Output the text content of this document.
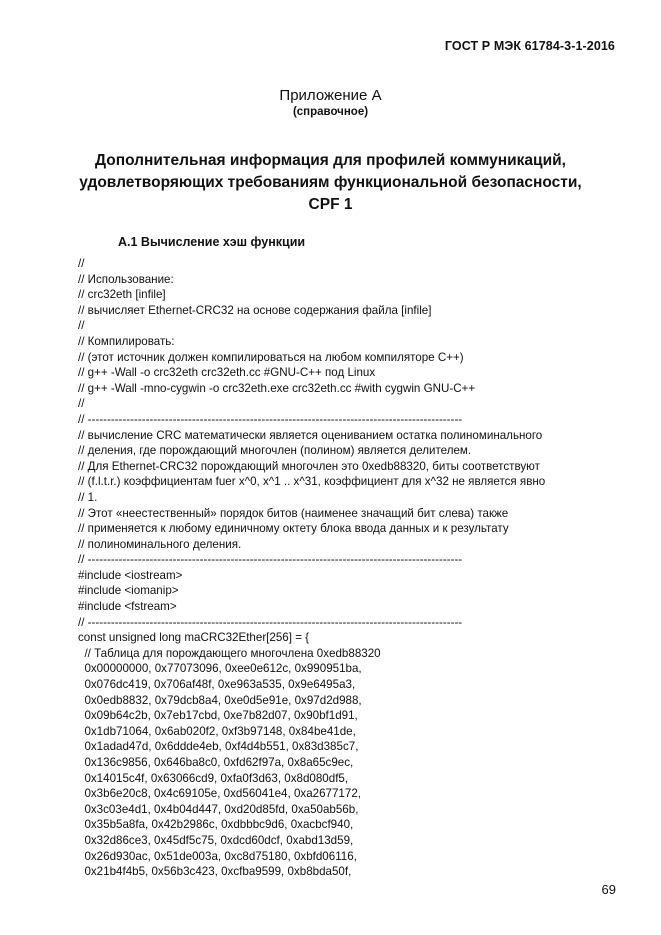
ГОСТ Р МЭК 61784-3-1-2016
Приложение А
(справочное)
Дополнительная информация для профилей коммуникаций,
удовлетворяющих требованиям функциональной безопасности,
CPF 1
А.1 Вычисление хэш функции
//
// Использование:
// crc32eth [infile]
// вычисляет Ethernet-CRC32 на основе содержания файла [infile]
//
// Компилировать:
// (этот источник должен компилироваться на любом компиляторе C++)
// g++ -Wall -o crc32eth crc32eth.cc #GNU-C++ под Linux
// g++ -Wall -mno-cygwin -o crc32eth.exe crc32eth.cc #with cygwin GNU-C++
//
// -------------------------------------------------------------------------------------------------
// вычисление CRC математически является оцениванием остатка полиноминального
// деления, где порождающий многочлен (полином) является делителем.
// Для Ethernet-CRC32 порождающий многочлен это 0xedb88320, биты соответствуют
// (f.l.t.r.) коэффициентам fuer x^0, x^1 .. x^31, коэффициент для x^32 не является явно
// 1.
// Этот «неестественный» порядок битов (наименее значащий бит слева) также
// применяется к любому единичному октету блока ввода данных и к результату
// полиноминального деления.
// -------------------------------------------------------------------------------------------------
#include <iostream>
#include <iomanip>
#include <fstream>
// -------------------------------------------------------------------------------------------------
const unsigned long maCRC32Ether[256] = {
// Таблица для порождающего многочлена 0xedb88320
0x00000000, 0x77073096, 0xee0e612c, 0x990951ba,
0x076dc419, 0x706af48f, 0xe963a535, 0x9e6495a3,
0x0edb8832, 0x79dcb8a4, 0xe0d5e91e, 0x97d2d988,
0x09b64c2b, 0x7eb17cbd, 0xe7b82d07, 0x90bf1d91,
0x1db71064, 0x6ab020f2, 0xf3b97148, 0x84be41de,
0x1adad47d, 0x6ddde4eb, 0xf4d4b551, 0x83d385c7,
0x136c9856, 0x646ba8c0, 0xfd62f97a, 0x8a65c9ec,
0x14015c4f, 0x63066cd9, 0xfa0f3d63, 0x8d080df5,
0x3b6e20c8, 0x4c69105e, 0xd56041e4, 0xa2677172,
0x3c03e4d1, 0x4b04d447, 0xd20d85fd, 0xa50ab56b,
0x35b5a8fa, 0x42b2986c, 0xdbbbc9d6, 0xacbcf940,
0x32d86ce3, 0x45df5c75, 0xdcd60dcf, 0xabd13d59,
0x26d930ac, 0x51de003a, 0xc8d75180, 0xbfd06116,
0x21b4f4b5, 0x56b3c423, 0xcfba9599, 0xb8bda50f,
69
